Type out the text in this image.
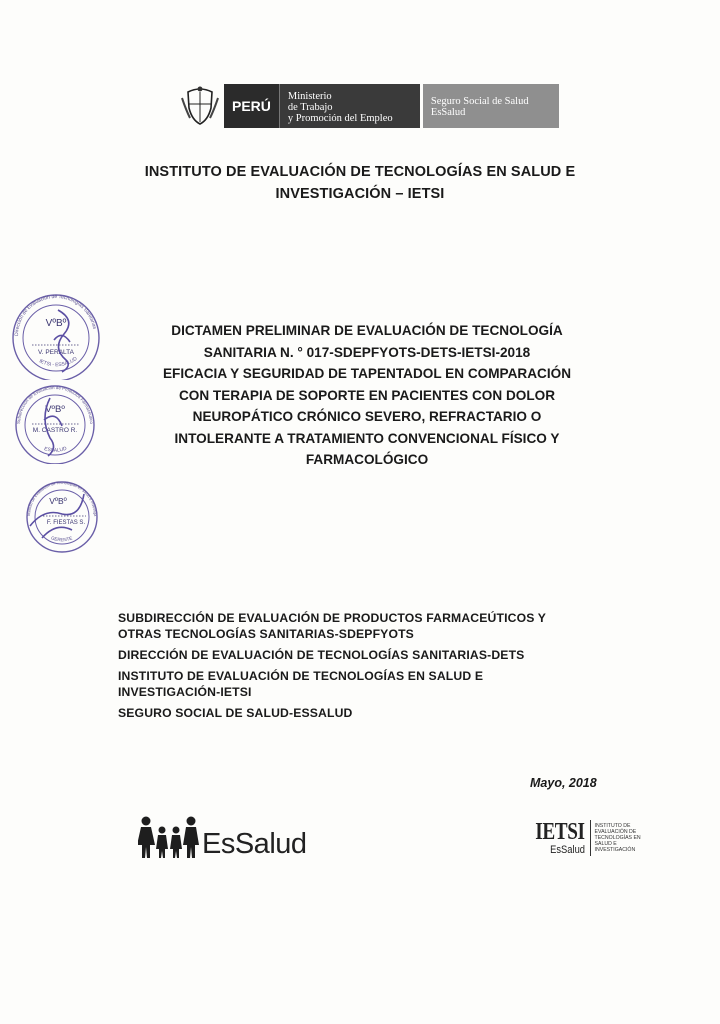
PERÚ
Ministerio
de Trabajo
y Promoción del Empleo
Seguro Social de Salud
EsSalud
INSTITUTO DE EVALUACIÓN DE TECNOLOGÍAS EN SALUD E
INVESTIGACIÓN – IETSI
Dirección de Evaluación de Tecnologías Sanitarias
IETSI - ESSALUD
VºBº
V. PERALTA
Subdirección de Evaluación de Productos Farmacéutico
ESSALUD
VºBº
M. CASTRO R.
Instituto de Evaluación de Tecnologías en Salud e Investiga
GERENTE
VºBº
F. FIESTAS S.
DICTAMEN PRELIMINAR DE EVALUACIÓN DE TECNOLOGÍA
SANITARIA N. ° 017-SDEPFYOTS-DETS-IETSI-2018
EFICACIA Y SEGURIDAD DE TAPENTADOL EN COMPARACIÓN
CON TERAPIA DE SOPORTE EN PACIENTES CON DOLOR
NEUROPÁTICO CRÓNICO SEVERO, REFRACTARIO O
INTOLERANTE A TRATAMIENTO CONVENCIONAL FÍSICO Y
FARMACOLÓGICO
SUBDIRECCIÓN DE EVALUACIÓN DE PRODUCTOS FARMACEÚTICOS Y
OTRAS TECNOLOGÍAS SANITARIAS-SDEPFYOTS
DIRECCIÓN DE EVALUACIÓN DE TECNOLOGÍAS SANITARIAS-DETS
INSTITUTO DE EVALUACIÓN DE TECNOLOGÍAS EN SALUD E
INVESTIGACIÓN-IETSI
SEGURO SOCIAL DE SALUD-ESSALUD
Mayo, 2018
EsSalud	IETSI
EsSalud
INSTITUTO DE
EVALUACIÓN DE
TECNOLOGÍAS EN
SALUD E
INVESTIGACIÓN
